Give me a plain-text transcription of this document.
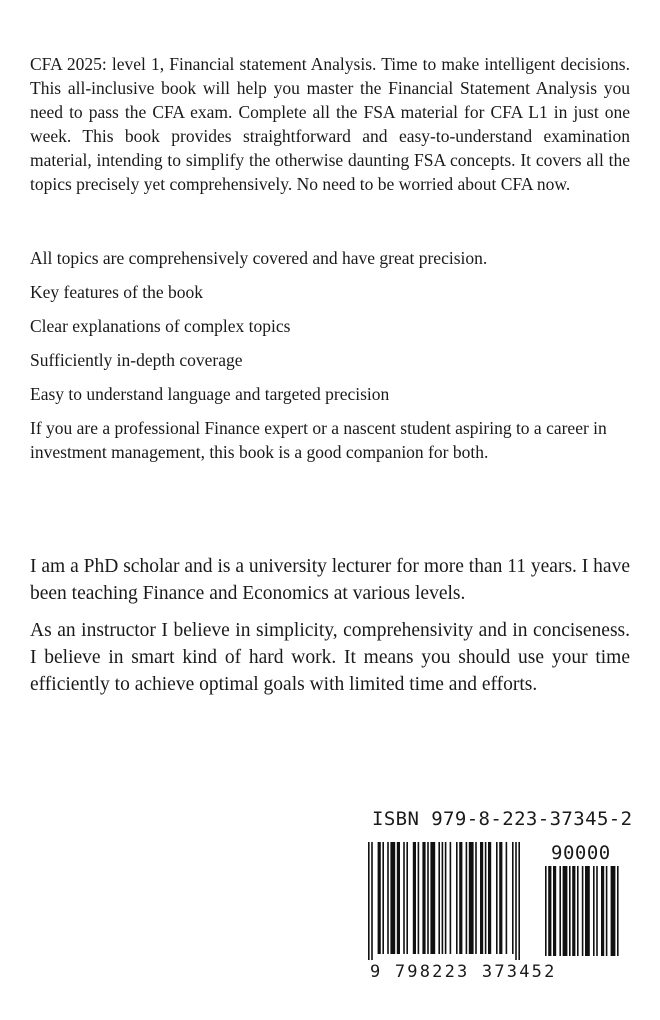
CFA 2025: level 1, Financial statement Analysis. Time to make intelligent decisions. This all-inclusive book will help you master the Financial Statement Analysis you need to pass the CFA exam. Complete all the FSA material for CFA L1 in just one week. This book provides straightforward and easy-to-understand examination material, intending to simplify the otherwise daunting FSA concepts. It covers all the topics precisely yet comprehensively. No need to be worried about CFA now.

All topics are comprehensively covered and have great precision.

Key features of the book

Clear explanations of complex topics

Sufficiently in-depth coverage

Easy to understand language and targeted precision

If you are a professional Finance expert or a nascent student aspiring to a career in investment management, this book is a good companion for both.

I am a PhD scholar and is a university lecturer for more than 11 years. I have been teaching Finance and Economics at various levels.

As an instructor I believe in simplicity, comprehensivity and in conciseness. I believe in smart kind of hard work. It means you should use your time efficiently to achieve optimal goals with limited time and efforts.

ISBN 979-8-223-37345-2
90000
9 798223 373452
